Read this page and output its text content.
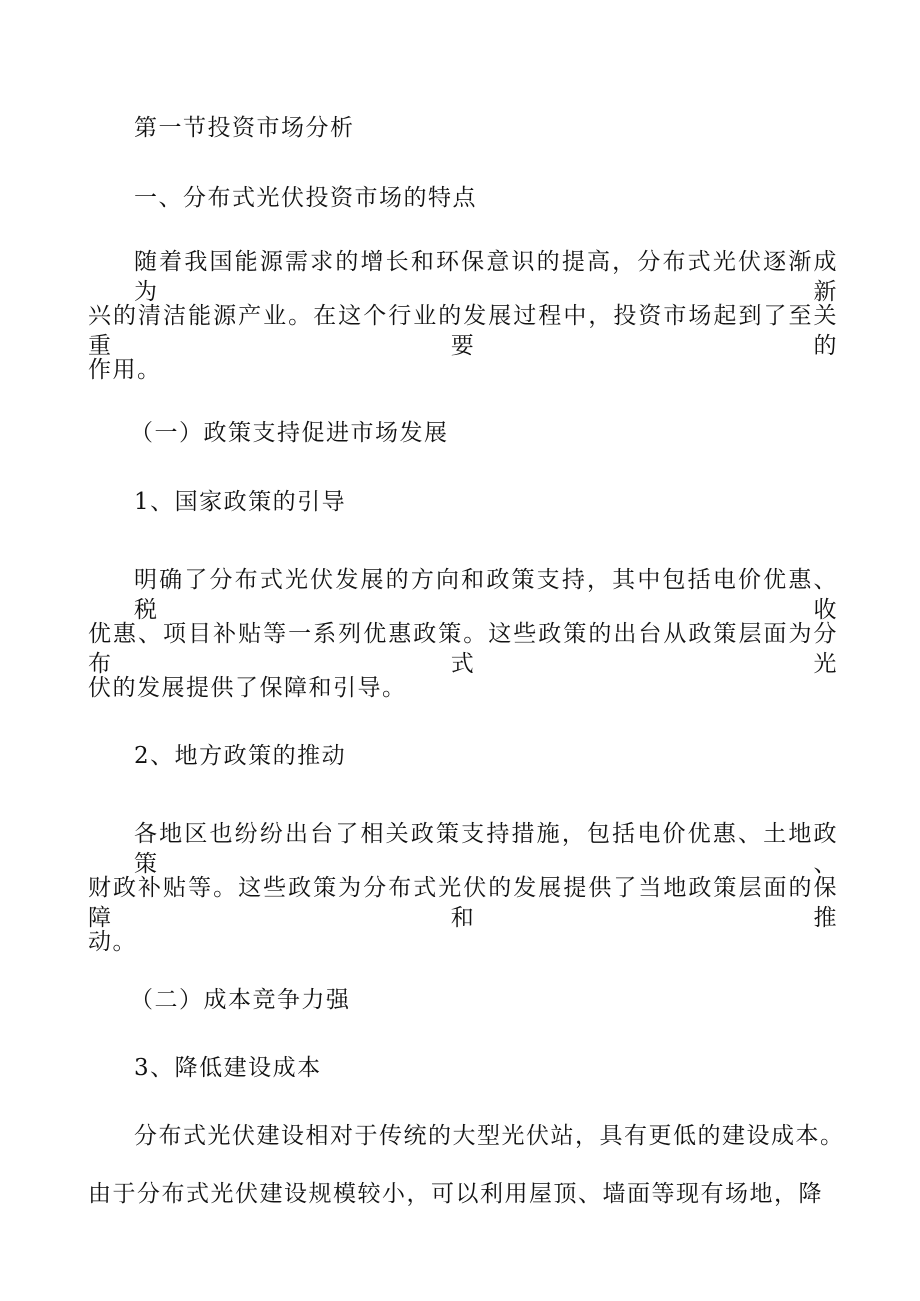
第一节投资市场分析
一、分布式光伏投资市场的特点
随着我国能源需求的增长和环保意识的提高，分布式光伏逐渐成为新
兴的清洁能源产业。在这个行业的发展过程中，投资市场起到了至关重要的
作用。
（一）政策支持促进市场发展
1、国家政策的引导
明确了分布式光伏发展的方向和政策支持，其中包括电价优惠、税收
优惠、项目补贴等一系列优惠政策。这些政策的出台从政策层面为分布式光
伏的发展提供了保障和引导。
2、地方政策的推动
各地区也纷纷出台了相关政策支持措施，包括电价优惠、土地政策、
财政补贴等。这些政策为分布式光伏的发展提供了当地政策层面的保障和推
动。
（二）成本竞争力强
3、降低建设成本
分布式光伏建设相对于传统的大型光伏站，具有更低的建设成本。
由于分布式光伏建设规模较小，可以利用屋顶、墙面等现有场地，降
